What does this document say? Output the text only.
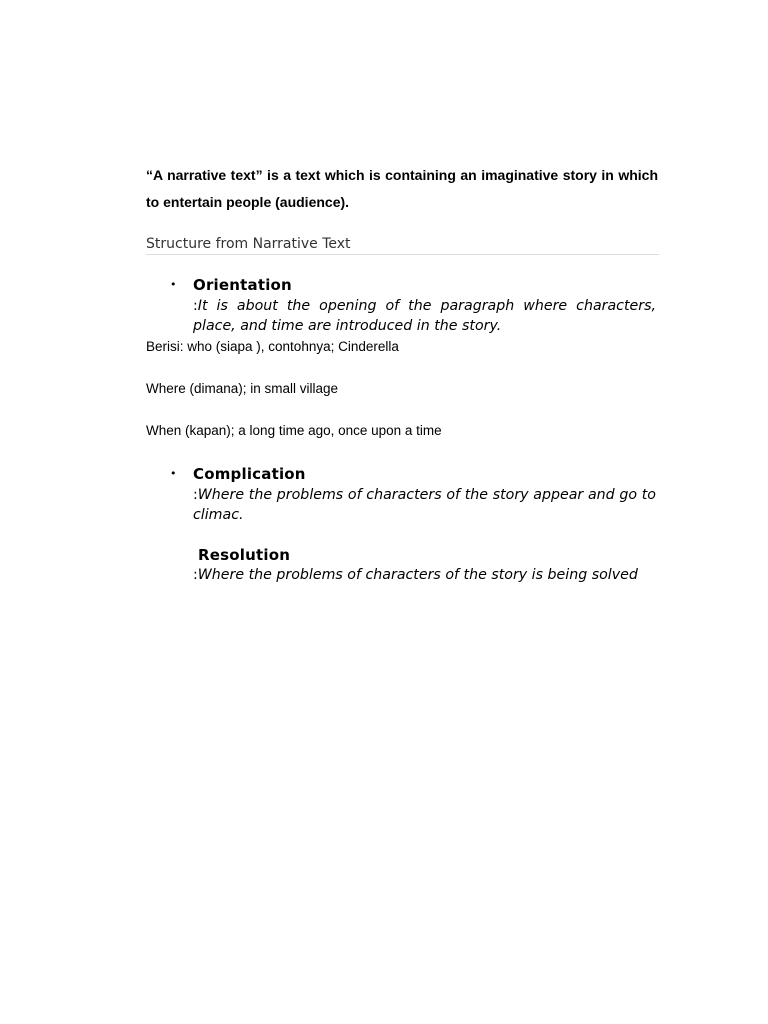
“A narrative text” is a text which is containing an imaginative story in which to entertain people (audience).

Structure from Narrative Text

• Orientation

:It is about the opening of the paragraph where characters, place, and time are introduced in the story.

Berisi: who (siapa ), contohnya; Cinderella

Where (dimana); in small village

When (kapan); a long time ago, once upon a time

• Complication

:Where the problems of characters of the story appear and go to climac.

Resolution

:Where the problems of characters of the story is being solved
